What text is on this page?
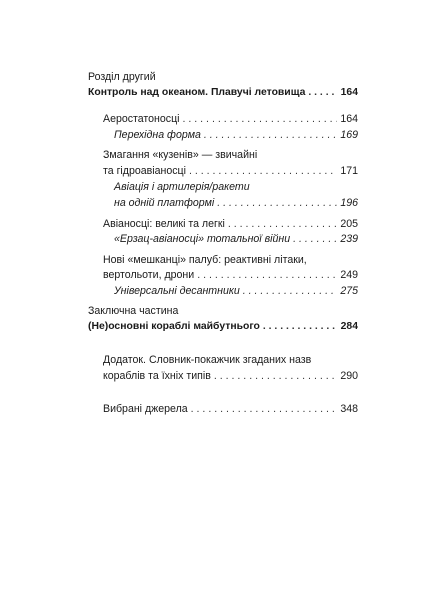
Розділ другий
Контроль над океаном. Плавучі летовища . . .	164
Аеростатоносці . . .	164
Перехідна форма . . .	169
Змагання «кузенів» — звичайні
та гідроавіаносці . . .	171
Авіація і артилерія/ракети
на одній платформі . . .	196
Авіаносці: великі та легкі . . .	205
«Ерзац-авіаносці» тотальної війни . . .	239
Нові «мешканці» палуб: реактивні літаки,
вертольоти, дрони . . .	249
Універсальні десантники . . .	275
Заключна частина
(Не)основні кораблі майбутнього . . .	284
Додаток. Словник-покажчик згаданих назв
кораблів та їхніх типів . . .	290
Вибрані джерела . . .	348
